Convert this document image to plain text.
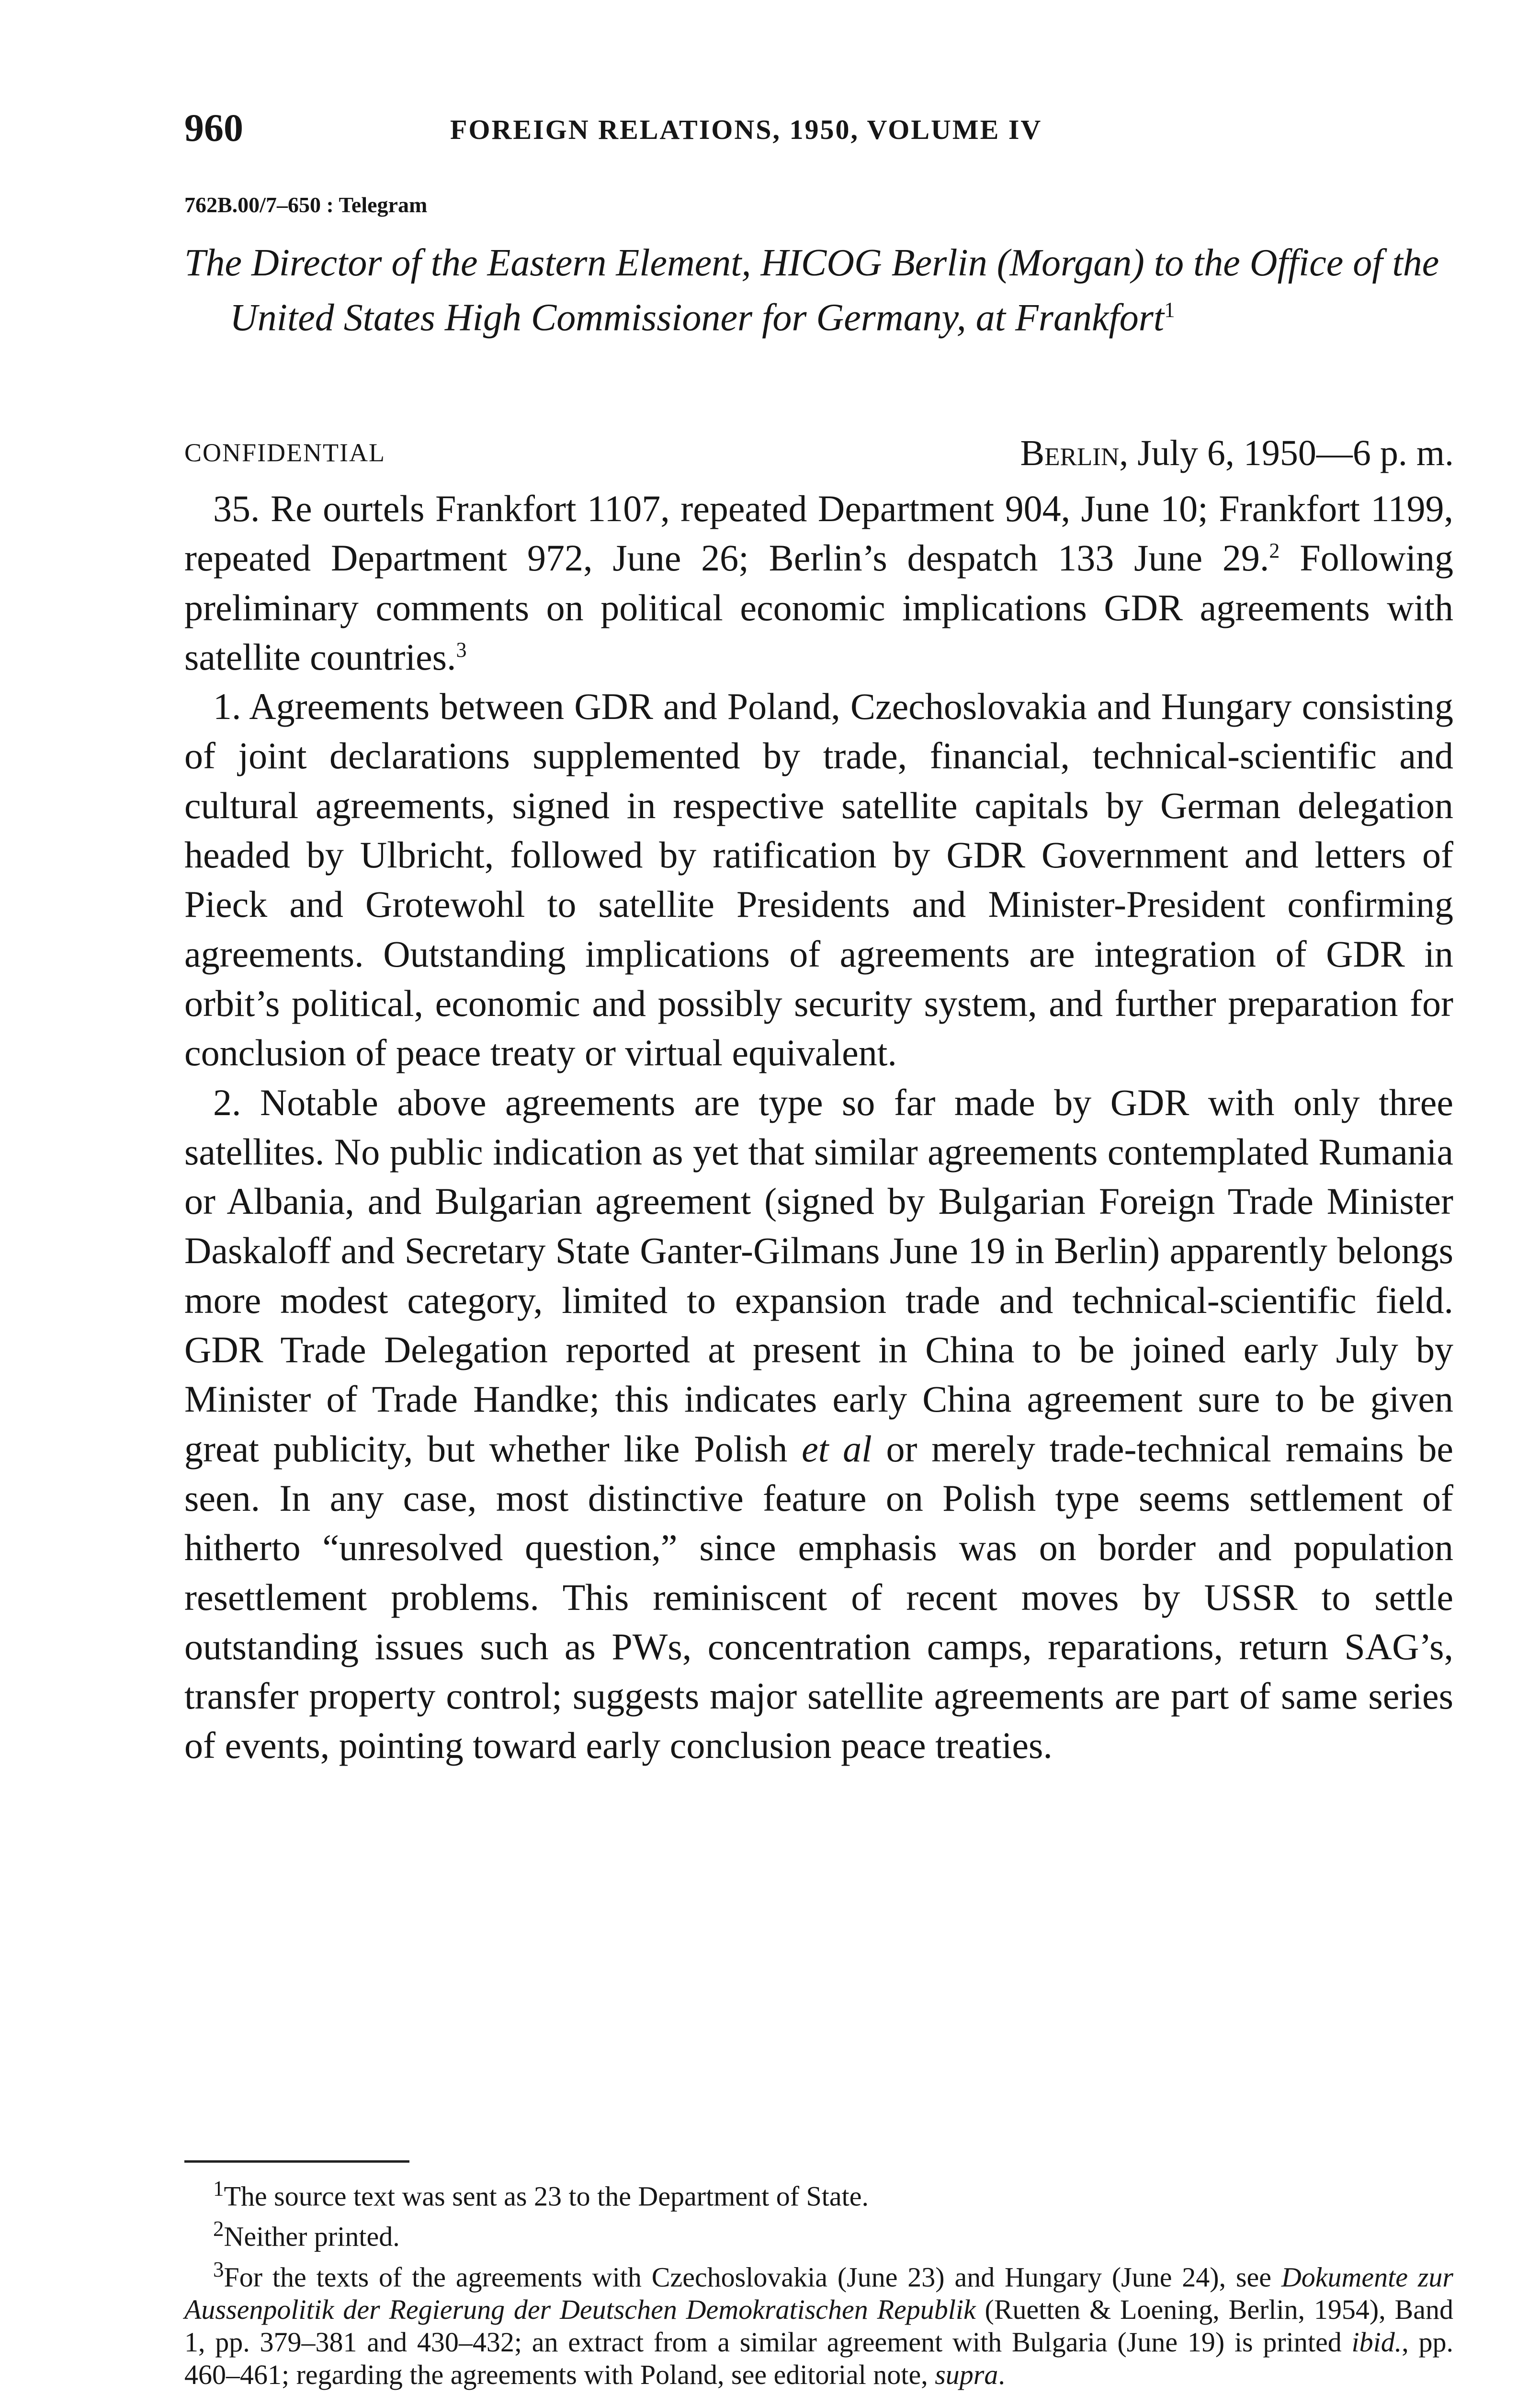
960	FOREIGN RELATIONS, 1950, VOLUME IV
762B.00/7–650 : Telegram
The Director of the Eastern Element, HICOG Berlin (Morgan) to the Office of the United States High Commissioner for Germany, at Frankfort$^1$
CONFIDENTIAL	Berlin, July 6, 1950—6 p. m.

35. Re ourtels Frankfort 1107, repeated Department 904, June 10; Frankfort 1199, repeated Department 972, June 26; Berlin’s despatch 133 June 29.$^2$ Following preliminary comments on political economic implications GDR agreements with satellite countries.$^3$

1. Agreements between GDR and Poland, Czechoslovakia and Hungary consisting of joint declarations supplemented by trade, financial, technical-scientific and cultural agreements, signed in respective satellite capitals by German delegation headed by Ulbricht, followed by ratification by GDR Government and letters of Pieck and Grotewohl to satellite Presidents and Minister-President confirming agreements. Outstanding implications of agreements are integration of GDR in orbit’s political, economic and possibly security system, and further preparation for conclusion of peace treaty or virtual equivalent.

2. Notable above agreements are type so far made by GDR with only three satellites. No public indication as yet that similar agreements contemplated Rumania or Albania, and Bulgarian agreement (signed by Bulgarian Foreign Trade Minister Daskaloff and Secretary State Ganter-Gilmans June 19 in Berlin) apparently belongs more modest category, limited to expansion trade and technical-scientific field. GDR Trade Delegation reported at present in China to be joined early July by Minister of Trade Handke; this indicates early China agreement sure to be given great publicity, but whether like Polish et al or merely trade-technical remains be seen. In any case, most distinctive feature on Polish type seems settlement of hitherto “unresolved question,” since emphasis was on border and population resettlement problems. This reminiscent of recent moves by USSR to settle outstanding issues such as PWs, concentration camps, reparations, return SAG’s, transfer property control; suggests major satellite agreements are part of same series of events, pointing toward early conclusion peace treaties.

$^1$The source text was sent as 23 to the Department of State.

$^2$Neither printed.

$^3$For the texts of the agreements with Czechoslovakia (June 23) and Hungary (June 24), see Dokumente zur Aussenpolitik der Regierung der Deutschen Demokratischen Republik (Ruetten & Loening, Berlin, 1954), Band 1, pp. 379–381 and 430–432; an extract from a similar agreement with Bulgaria (June 19) is printed ibid., pp. 460–461; regarding the agreements with Poland, see editorial note, supra.
